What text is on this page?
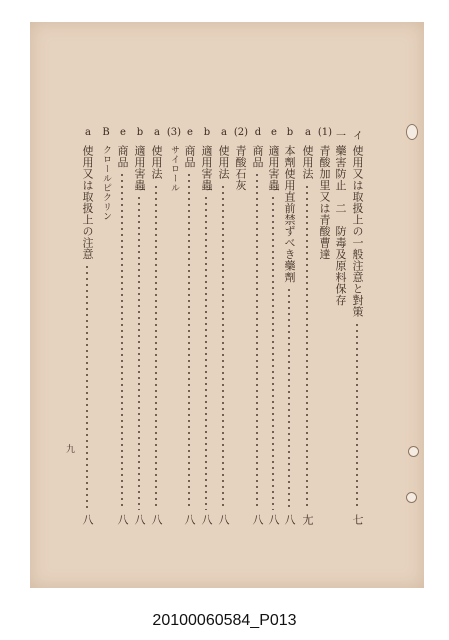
イ
使用又は取扱上の一般注意と對策
七
一
藥害防止　二　防毒及原料保存
(1)
青酸加里又は青酸曹達
a
使用法
尢
b
本劑使用直前禁ずべき藥劑
⼋
e
適用害蟲
⼋
d
商品
⼋
(2)
青酸石灰
a
使用法
⼋
b
適用害蟲
⼋
e
商品
⼋
(3)
サイロール
a
使用法
⼋
b
適用害蟲
⼋
e
商品
⼋
B
クロールピクリン
a
使用又は取扱上の注意
⼋
九
20100060584_P013
